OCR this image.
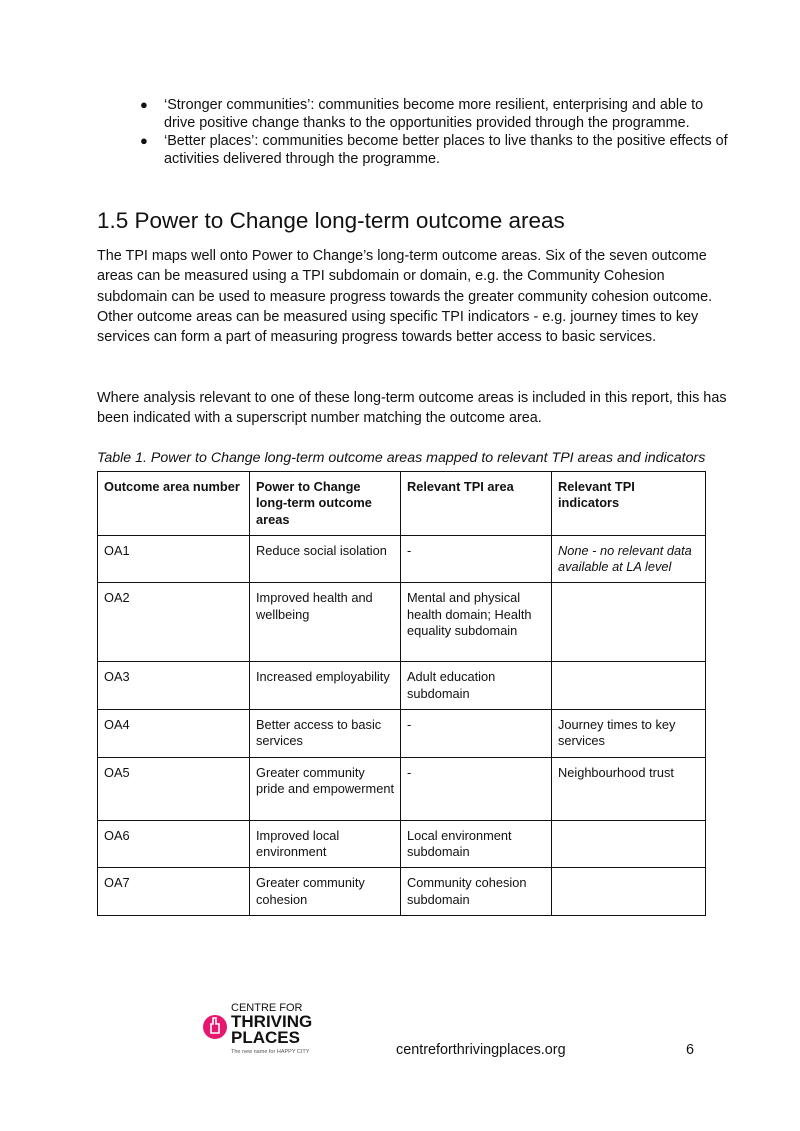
● ‘Stronger communities’: communities become more resilient, enterprising and able to drive positive change thanks to the opportunities provided through the programme.
● ‘Better places’: communities become better places to live thanks to the positive effects of activities delivered through the programme.
1.5 Power to Change long-term outcome areas

The TPI maps well onto Power to Change’s long-term outcome areas. Six of the seven outcome areas can be measured using a TPI subdomain or domain, e.g. the Community Cohesion subdomain can be used to measure progress towards the greater community cohesion outcome. Other outcome areas can be measured using specific TPI indicators - e.g. journey times to key services can form a part of measuring progress towards better access to basic services.

Where analysis relevant to one of these long-term outcome areas is included in this report, this has been indicated with a superscript number matching the outcome area.

Table 1. Power to Change long-term outcome areas mapped to relevant TPI areas and indicators

Outcome area number	Power to Change long-term outcome areas	Relevant TPI area	Relevant TPI indicators
OA1	Reduce social isolation	-	None - no relevant data available at LA level
OA2	Improved health and wellbeing	Mental and physical health domain; Health equality subdomain	
OA3	Increased employability	Adult education subdomain	
OA4	Better access to basic services	-	Journey times to key services
OA5	Greater community pride and empowerment	-	Neighbourhood trust
OA6	Improved local environment	Local environment subdomain	
OA7	Greater community cohesion	Community cohesion subdomain	
CENTRE FOR
THRIVING
PLACES
The new name for HAPPY CITY	centreforthrivingplaces.org	6
